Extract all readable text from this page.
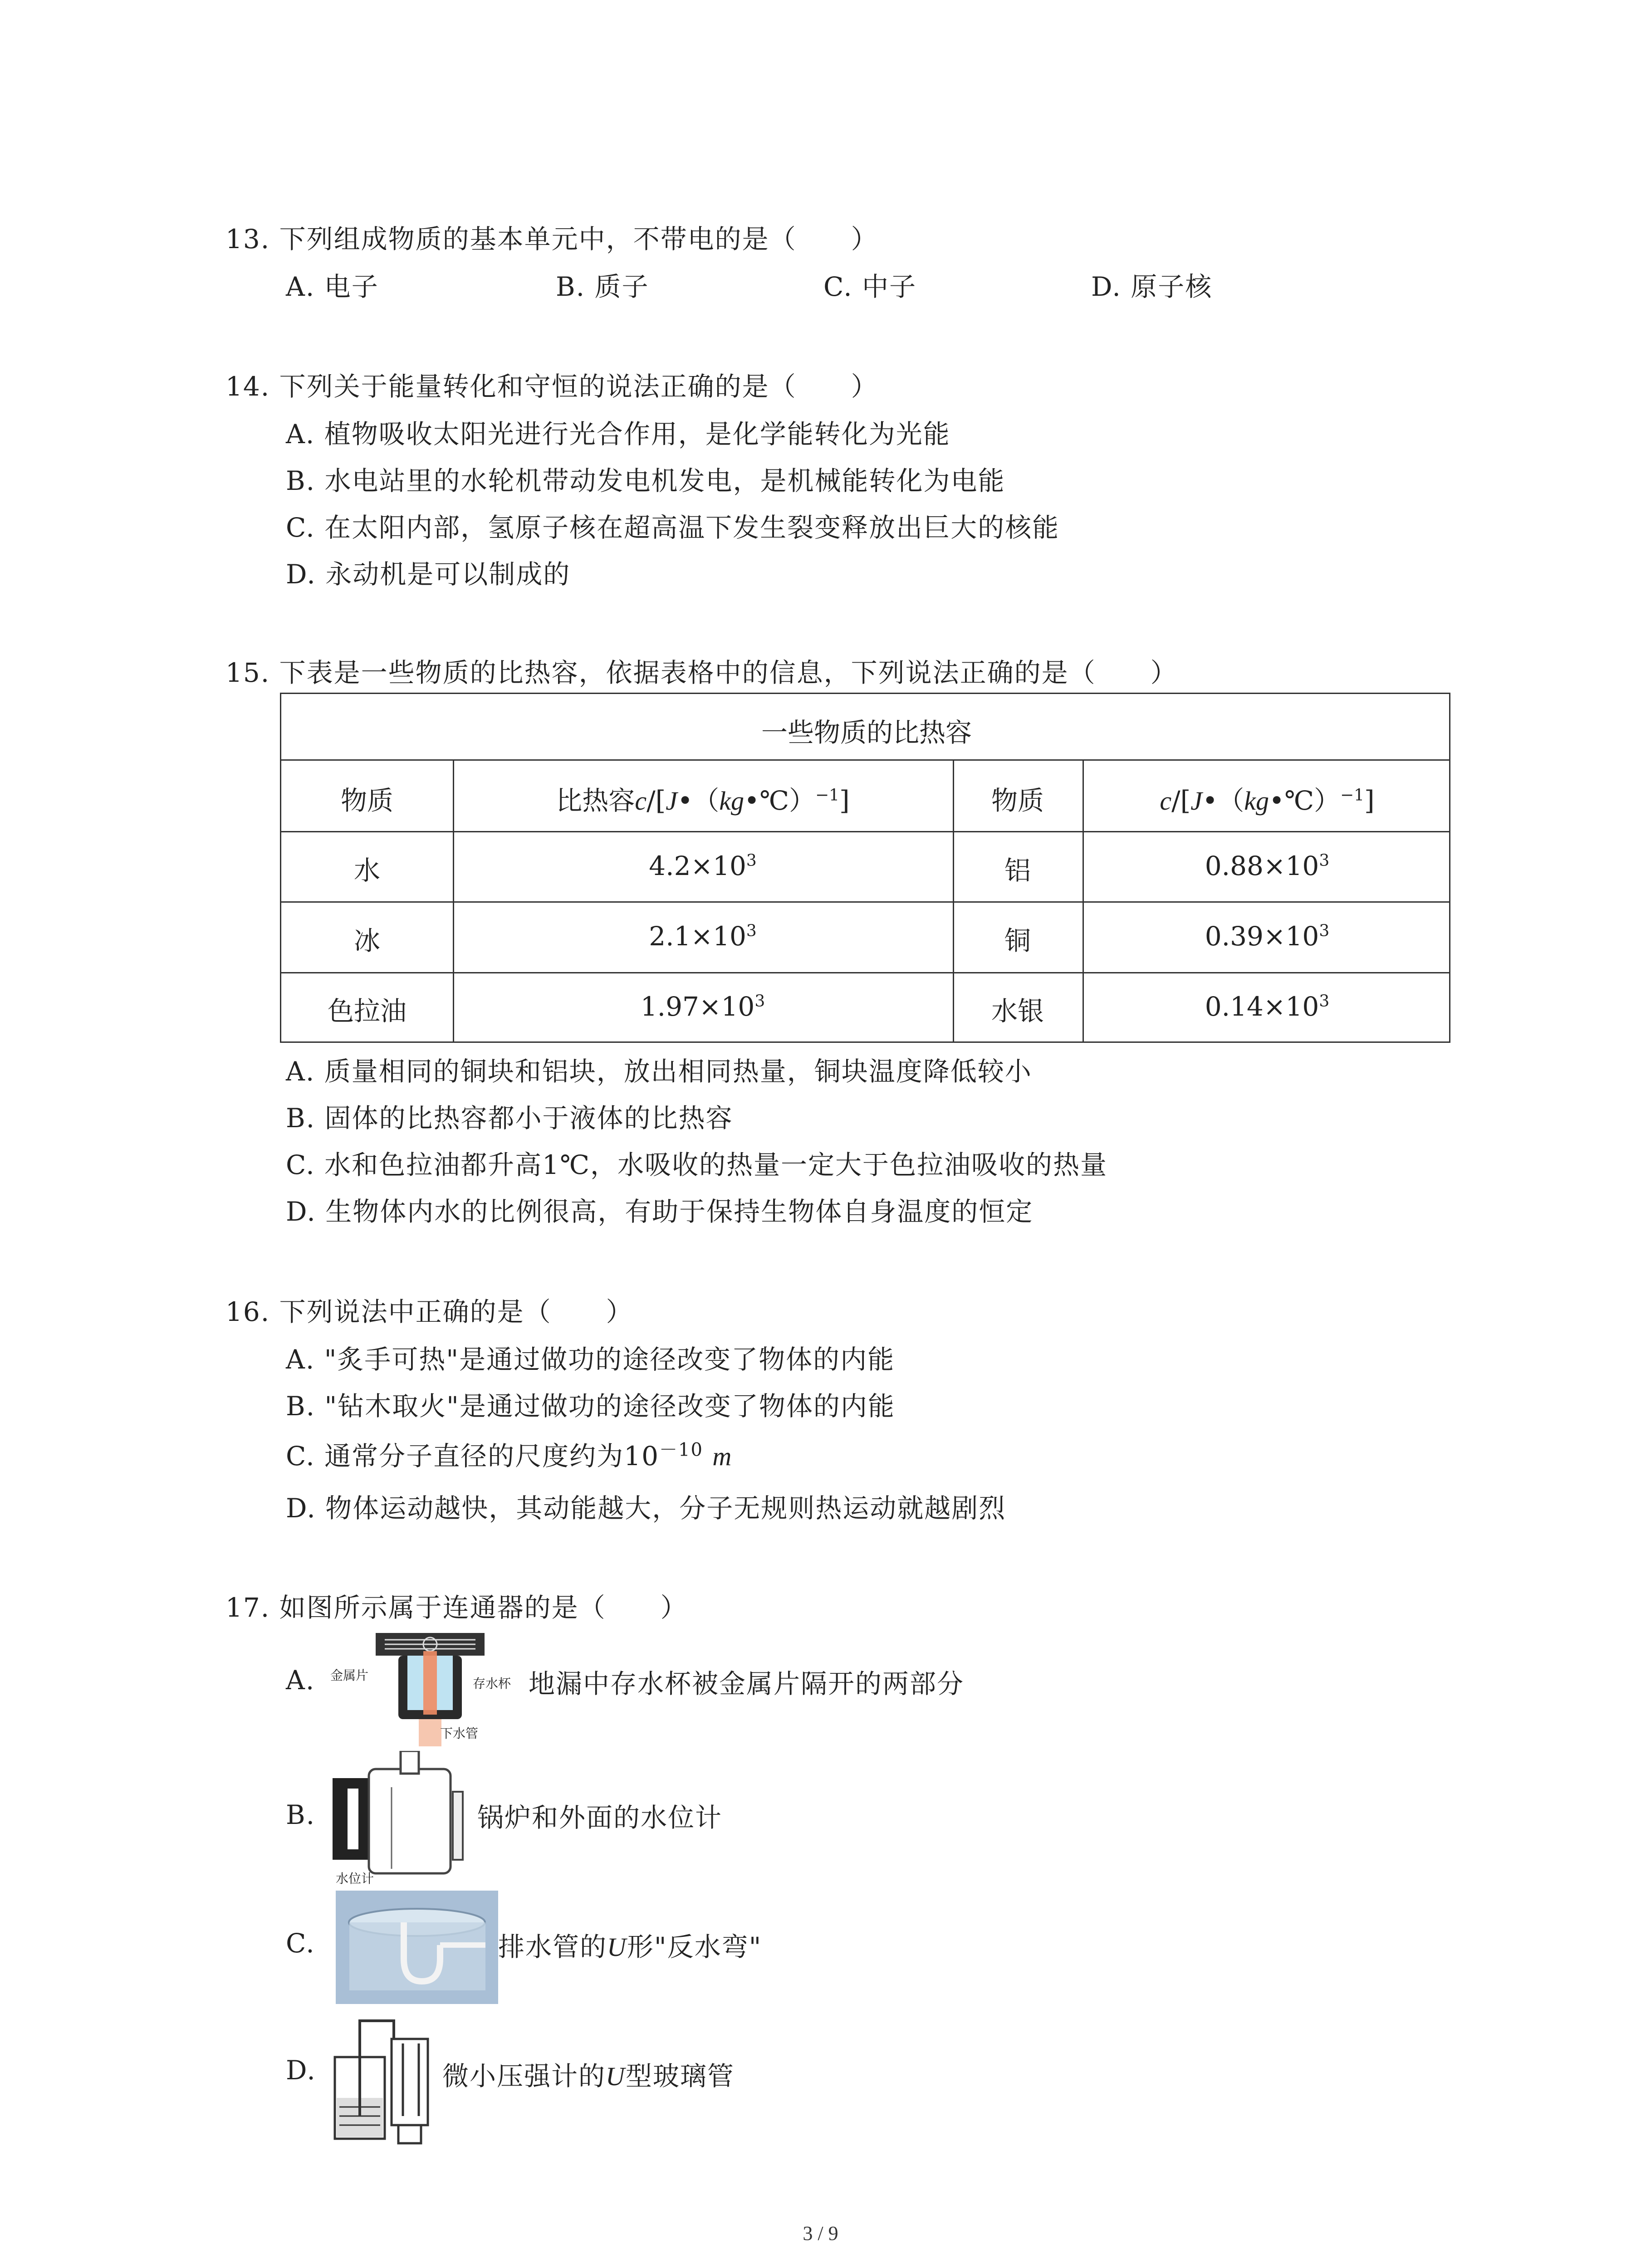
13. 下列组成物质的基本单元中，不带电的是（　　）
A. 电子	B. 质子	C. 中子	D. 原子核
14. 下列关于能量转化和守恒的说法正确的是（　　）
A. 植物吸收太阳光进行光合作用，是化学能转化为光能
B. 水电站里的水轮机带动发电机发电，是机械能转化为电能
C. 在太阳内部，氢原子核在超高温下发生裂变释放出巨大的核能
D. 永动机是可以制成的
15. 下表是一些物质的比热容，依据表格中的信息，下列说法正确的是（　　）
一些物质的比热容
物质	比热容c/[J•（kg•℃）$^{-1}$]	物质	c/[J•（kg•℃）$^{-1}$]
水	$4.2\times 10^3$	铝	$0.88\times 10^3$
冰	$2.1\times 10^3$	铜	$0.39\times 10^3$
色拉油	$1.97\times 10^3$	水银	$0.14\times 10^3$
A. 质量相同的铜块和铝块，放出相同热量，铜块温度降低较小
B. 固体的比热容都小于液体的比热容
C. 水和色拉油都升高1℃，水吸收的热量一定大于色拉油吸收的热量
D. 生物体内水的比例很高，有助于保持生物体自身温度的恒定
16. 下列说法中正确的是（　　）
A. "炙手可热"是通过做功的途径改变了物体的内能
B. "钻木取火"是通过做功的途径改变了物体的内能
C. 通常分子直径的尺度约为$10^{-10}$ m
D. 物体运动越快，其动能越大，分子无规则热运动就越剧烈
17. 如图所示属于连通器的是（　　）
A. 金属片
存水杯
下水管
地漏中存水杯被金属片隔开的两部分
B.
水位计
锅炉和外面的水位计
C.	排水管的U形"反水弯"
D.	微小压强计的U型玻璃管
3 / 9
